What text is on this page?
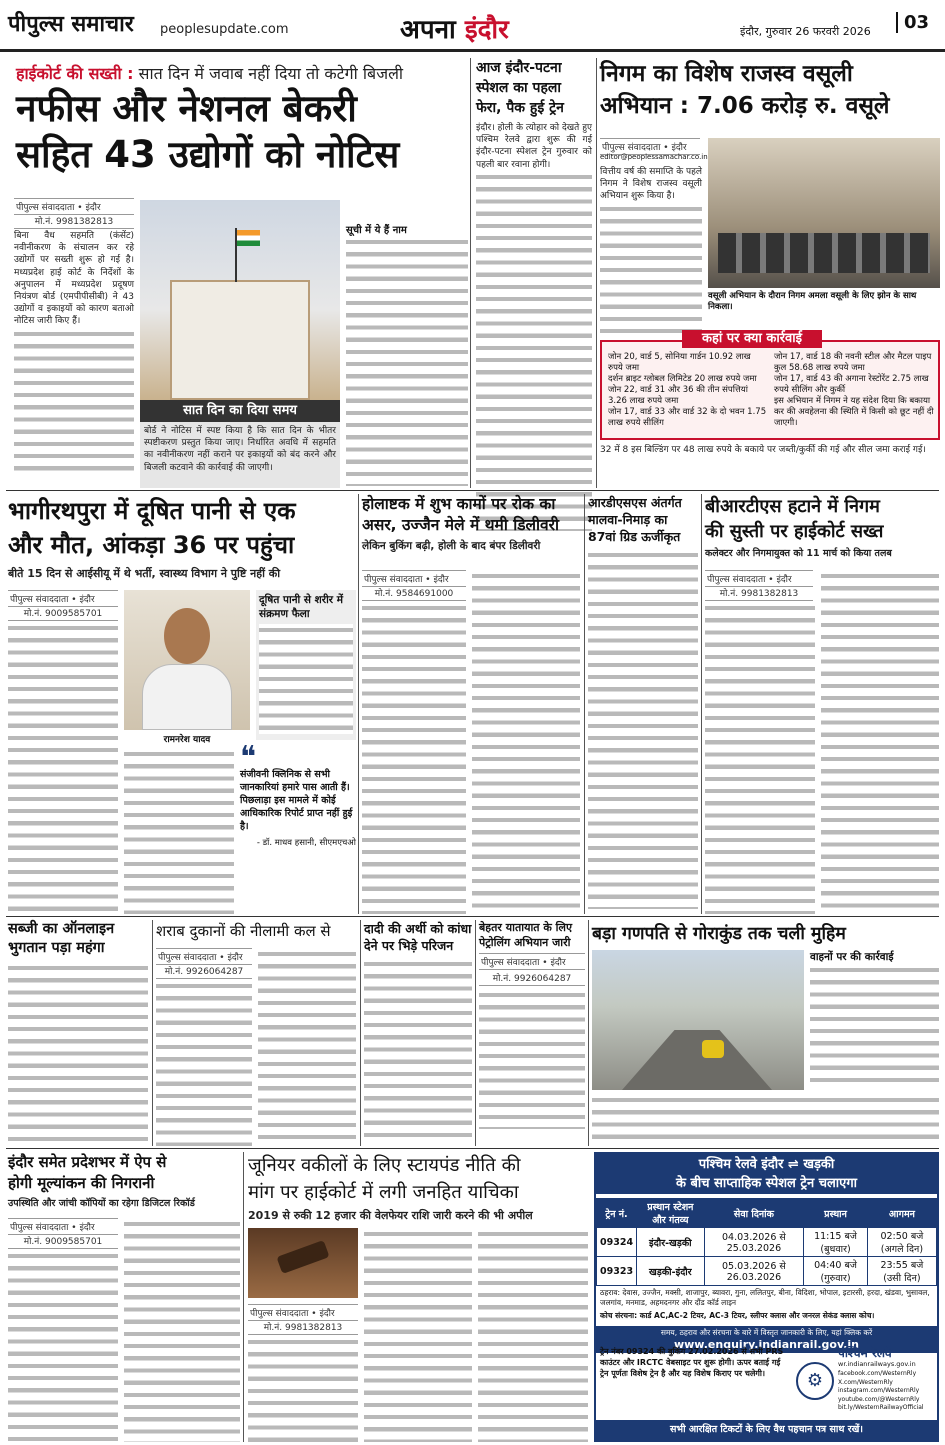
पीपुल्स समाचार peoplesupdate.com	अपना इंदौर	इंदौर, गुरुवार 26 फरवरी 2026	03
हाईकोर्ट की सख्ती : सात दिन में जवाब नहीं दिया तो कटेगी बिजली
नफीस और नेशनल बेकरी
सहित 43 उद्योगों को नोटिस
पीपुल्स संवाददाता • इंदौर
मो.नं. 9981382813
बिना वैध सहमति (कंसेंट) नवीनीकरण के संचालन कर रहे उद्योगों पर सख्ती शुरू हो गई है। मध्यप्रदेश हाई कोर्ट के निर्देशों के अनुपालन में मध्यप्रदेश प्रदूषण नियंत्रण बोर्ड (एमपीपीसीबी) ने 43 उद्योगों व इकाइयों को कारण बताओ नोटिस जारी किए हैं।
सात दिन का दिया समय
बोर्ड ने नोटिस में स्पष्ट किया है कि सात दिन के भीतर स्पष्टीकरण प्रस्तुत किया जाए। निर्धारित अवधि में सहमति का नवीनीकरण नहीं कराने पर इकाइयों को बंद करने और बिजली कटवाने की कार्रवाई की जाएगी।
सूची में ये हैं नाम
आज इंदौर-पटना
स्पेशल का पहला
फेरा, पैक हुई ट्रेन
इंदौर। होली के त्योहार को देखते हुए पश्चिम रेलवे द्वारा शुरू की गई इंदौर-पटना स्पेशल ट्रेन गुरुवार को पहली बार रवाना होगी।
निगम का विशेष राजस्व वसूली
अभियान : 7.06 करोड़ रु. वसूले
पीपुल्स संवाददाता • इंदौर
editor@peoplessamachar.co.in
वित्तीय वर्ष की समाप्ति के पहले निगम ने विशेष राजस्व वसूली अभियान शुरू किया है।
वसूली अभियान के दौरान निगम अमला वसूली के लिए झोन के साथ निकला।
कहां पर क्या कार्रवाई
जोन 20, वार्ड 5, सोनिया गार्डन 10.92 लाख रुपये जमा
दर्शन ब्राइट ग्लोबल लिमिटेड 20 लाख रुपये जमा
जोन 22, वार्ड 31 और 36 की तीन संपत्तियां 3.26 लाख रुपये जमा
जोन 17, वार्ड 33 और वार्ड 32 के दो भवन 1.75 लाख रुपये सीलिंग
जोन 17, वार्ड 18 की नवनी स्टील और मैटल पाइप कुल 58.68 लाख रुपये जमा
जोन 17, वार्ड 43 की अगाना रेस्टोरेंट 2.75 लाख रुपये सीलिंग और कुर्की
इस अभियान में निगम ने यह संदेश दिया कि बकाया कर की अवहेलना की स्थिति में किसी को छूट नहीं दी जाएगी।
32 में 8 इस बिल्डिंग पर 48 लाख रुपये के बकाये पर जब्ती/कुर्की की गई और सील जमा कराई गई।
भागीरथपुरा में दूषित पानी से एक
और मौत, आंकड़ा 36 पर पहुंचा
बीते 15 दिन से आईसीयू में थे भर्ती, स्वास्थ्य विभाग ने पुष्टि नहीं की
पीपुल्स संवाददाता • इंदौर
मो.नं. 9009585701
रामनरेश यादव
दूषित पानी से शरीर में संक्रमण फैला
❝
संजीवनी क्लिनिक से सभी जानकारियां हमारे पास आती हैं। पिछलाड़ा इस मामले में कोई आधिकारिक रिपोर्ट प्राप्त नहीं हुई है।
- डॉ. माधव हसानी, सीएमएचओ
होलाष्टक में शुभ कामों पर रोक का
असर, उज्जैन मेले में थमी डिलीवरी
लेकिन बुकिंग बढ़ी, होली के बाद बंपर डिलीवरी
पीपुल्स संवाददाता • इंदौर
मो.नं. 9584691000
आरडीएसएस अंतर्गत
मालवा-निमाड़ का
87वां ग्रिड ऊर्जीकृत
बीआरटीएस हटाने में निगम
की सुस्ती पर हाईकोर्ट सख्त
कलेक्टर और निगमायुक्त को 11 मार्च को किया तलब
पीपुल्स संवाददाता • इंदौर
मो.नं. 9981382813
सब्जी का ऑनलाइन
भुगतान पड़ा महंगा
शराब दुकानों की नीलामी कल से
पीपुल्स संवाददाता • इंदौर
मो.नं. 9926064287
दादी की अर्थी को कांधा
देने पर भिड़े परिजन
बेहतर यातायात के लिए
पेट्रोलिंग अभियान जारी
पीपुल्स संवाददाता • इंदौर
मो.नं. 9926064287
बड़ा गणपति से गोराकुंड तक चली मुहिम
वाहनों पर की कार्रवाई
इंदौर समेत प्रदेशभर में ऐप से
होगी मूल्यांकन की निगरानी
उपस्थिति और जांची कॉपियों का रहेगा डिजिटल रिकॉर्ड
पीपुल्स संवाददाता • इंदौर
मो.नं. 9009585701
जूनियर वकीलों के लिए स्टायपंड नीति की
मांग पर हाईकोर्ट में लगी जनहित याचिका
2019 से रुकी 12 हजार की वेलफेयर राशि जारी करने की भी अपील
पीपुल्स संवाददाता • इंदौर
मो.नं. 9981382813
पश्चिम रेलवे इंदौर ⇌ खड़की
के बीच साप्ताहिक स्पेशल ट्रेन चलाएगा
ट्रेन नं.	प्रस्थान स्टेशन और गंतव्य	सेवा दिनांक	प्रस्थान	आगमन
09324	इंदौर-खड़की	04.03.2026 से 25.03.2026	11:15 बजे (बुधवार)	02:50 बजे (अगले दिन)
09323	खड़की-इंदौर	05.03.2026 से 26.03.2026	04:40 बजे (गुरुवार)	23:55 बजे (उसी दिन)
ठहराव: देवास, उज्जैन, मक्सी, शाजापुर, ब्यावरा, गुना, ललितपुर, बीना, विदिशा, भोपाल, इटारसी, हरदा, खंडवा, भुसावल, जलगांव, मनमाड, अहमदनगर और दौंड कॉर्ड लाइन
कोच संरचना: कार्ड AC,AC-2 टियर, AC-3 टियर, स्लीपर क्लास और जनरल सेकंड क्लास कोच।
समय, ठहराव और संरचना के बारे में विस्तृत जानकारी के लिए, यहां क्लिक करें
www.enquiry.indianrail.gov.in
ट्रेन नंबर 09324 की बुकिंग 27.02.2026 से सभी PRS काउंटर और IRCTC वेबसाइट पर शुरू होगी। ऊपर बताई गई ट्रेन पूर्णतः विशेष ट्रेन है और यह विशेष किराए पर चलेगी।	⚙
पश्चिम रेलवे
wr.indianrailways.gov.in
facebook.com/WesternRly
X.com/WesternRly
instagram.com/WesternRly
youtube.com/@WesternRly
bit.ly/WesternRailwayOfficial
सभी आरक्षित टिकटों के लिए वैध पहचान पत्र साथ रखें।
